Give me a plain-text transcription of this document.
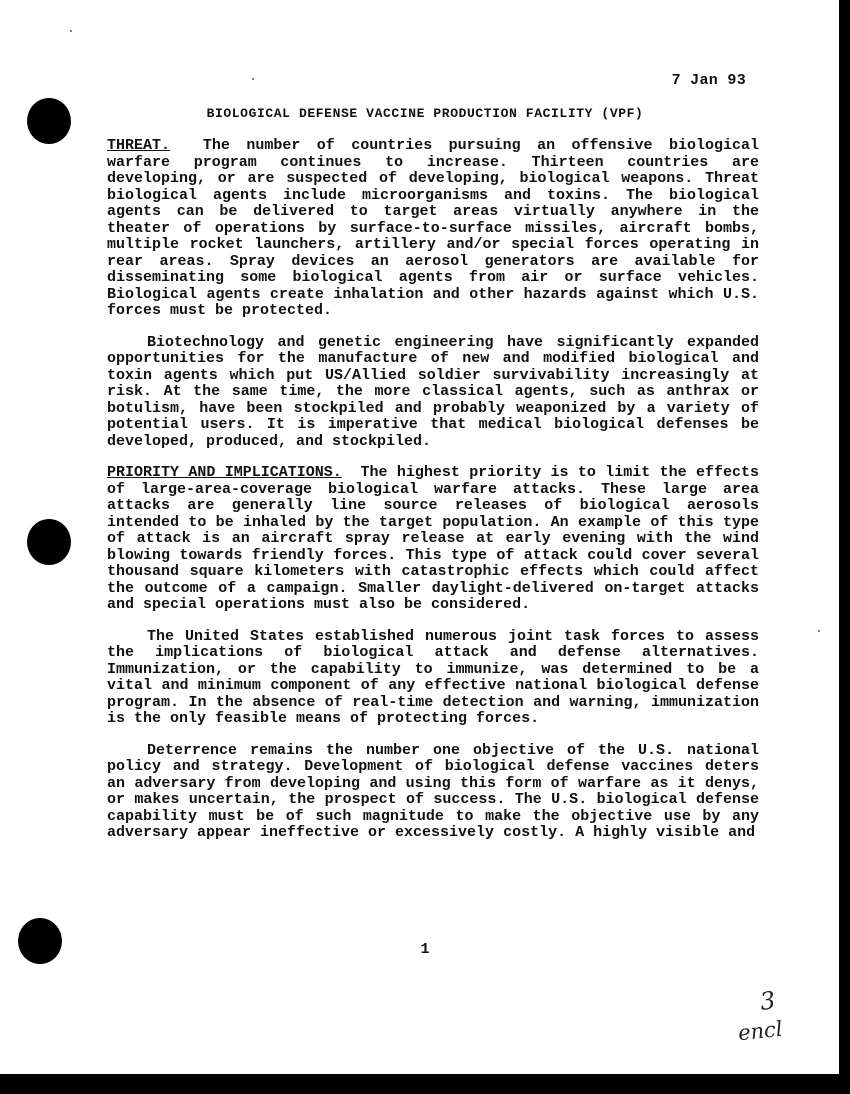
7 Jan 93
BIOLOGICAL DEFENSE VACCINE PRODUCTION FACILITY (VPF)

THREAT. The number of countries pursuing an offensive biological warfare program continues to increase. Thirteen countries are developing, or are suspected of developing, biological weapons. Threat biological agents include microorganisms and toxins. The biological agents can be delivered to target areas virtually anywhere in the theater of operations by surface-to-surface missiles, aircraft bombs, multiple rocket launchers, artillery and/or special forces operating in rear areas. Spray devices an aerosol generators are available for disseminating some biological agents from air or surface vehicles. Biological agents create inhalation and other hazards against which U.S. forces must be protected.

Biotechnology and genetic engineering have significantly expanded opportunities for the manufacture of new and modified biological and toxin agents which put US/Allied soldier survivability increasingly at risk. At the same time, the more classical agents, such as anthrax or botulism, have been stockpiled and probably weaponized by a variety of potential users. It is imperative that medical biological defenses be developed, produced, and stockpiled.

PRIORITY AND IMPLICATIONS. The highest priority is to limit the effects of large-area-coverage biological warfare attacks. These large area attacks are generally line source releases of biological aerosols intended to be inhaled by the target population. An example of this type of attack is an aircraft spray release at early evening with the wind blowing towards friendly forces. This type of attack could cover several thousand square kilometers with catastrophic effects which could affect the outcome of a campaign. Smaller daylight-delivered on-target attacks and special operations must also be considered.

The United States established numerous joint task forces to assess the implications of biological attack and defense alternatives. Immunization, or the capability to immunize, was determined to be a vital and minimum component of any effective national biological defense program. In the absence of real-time detection and warning, immunization is the only feasible means of protecting forces.

Deterrence remains the number one objective of the U.S. national policy and strategy. Development of biological defense vaccines deters an adversary from developing and using this form of warfare as it denys, or makes uncertain, the prospect of success. The U.S. biological defense capability must be of such magnitude to make the objective use by any adversary appear ineffective or excessively costly. A highly visible and

1
3
encl
